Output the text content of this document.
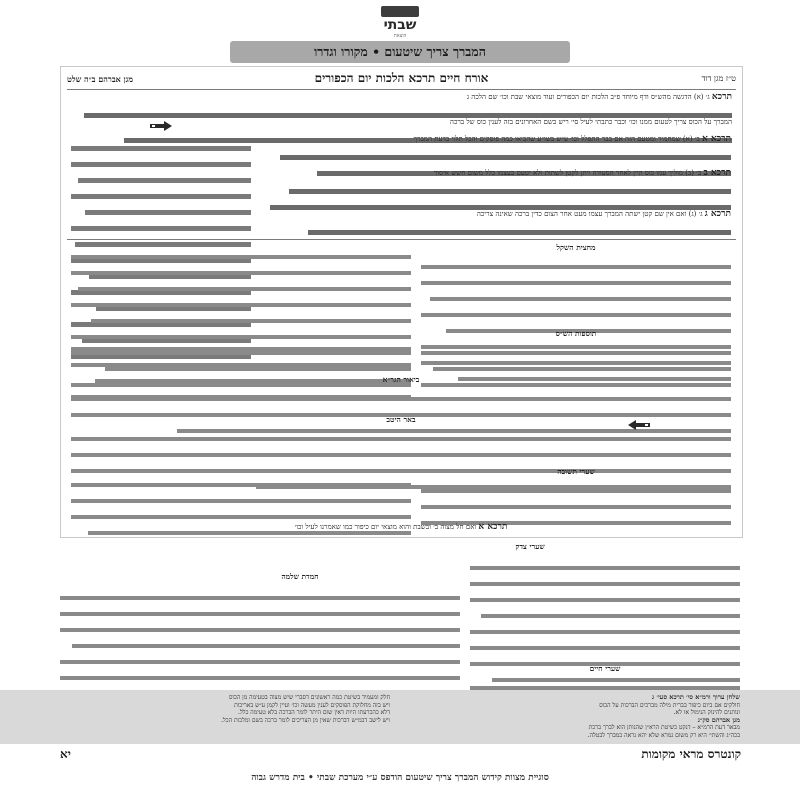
שבתי
הוצאת
המברך צריך שיטעום • מקורו וגדרו
ט״ז מגן דוד
אורח חיים תרכא הלכות יום הכפורים
מגן אברהם ב״ה שלט
תרכא ג׳ (א) הדגשה מהש״ס ודף מיוחד פ״ב הלכות יום הכפורים ועוד מוצאי שבת וכו׳ שם הלכה ג
המברך על הכוס צריך לטעום ממנו וכו׳ וכבר כתבתי לעיל סי׳ ריש בשם האחרונים בזה לענין כוס של ברכה
תרכא א ב׳ (א) שמחמיר ומטעם הזה אם כבר התפלל וכו׳ ע״ש בשו״ע שהביאו כמה פוסקים והכל תלוי בדעת המברך
תרכא ב ב׳ (ב) מוליך עמו כוס היין לאחר הסעודה ויתן לקטן לשתות ולא יטעם בעצמו כלל משום חשש איסור
תרכא ג ג׳ (ג) ואם אין שם קטן ישתה המברך עצמו מעט אחר הצום כדין ברכה שאינה צריכה
מחצית השקל
תוספות הש״ס
ביאור הגר״א
באר היטב
שערי תשובה
תרכא א ואם חל מצוה ב׳ ובשבת והוא מוצאי יום כיפור כמו שאמרנו לעיל וכו׳
שערי צדק
חמדת שלמה
שערי חיים
שלחן ערוך ורמ״א סי׳ תרכא סעי׳ ג
חולקים אם ביום כיפור בברית מילה מברכים הברכות על הכוס
ונותנים להינוק הנימול או לא.
מגן אברהם סק״ג
מבאר דעת הרמ״א – דנקט כשיטת הרא״ן שהנותן הוא לברך ברכת
בכה״ג והשתי׳ היא רק משום גמרא שלא יהא נראה כמברך לבטלה.
חלק ומעמיד בשיטת כמה ראשונים דסברי שיש מצוה בטעימה מן הכוס
ויש בזה מחלוקת הפוסקים לענין מעשה וכו׳ ועיין לקמן ע״ש באריכות
דלא כהכרעתו היות דאין שום היתר לומר הברכה בלא טעימה כלל.
ויש לישב דבמ״ש דברכות שאין מן הצריכים לומר ברכה בשם ומלכות הכל.
קונטרס מראי מקומות
יא
סוגיית מצוות קידוש המברך צריך שיטעום הודפס ע״י מערכת שבתי • בית מדרש גבוה
